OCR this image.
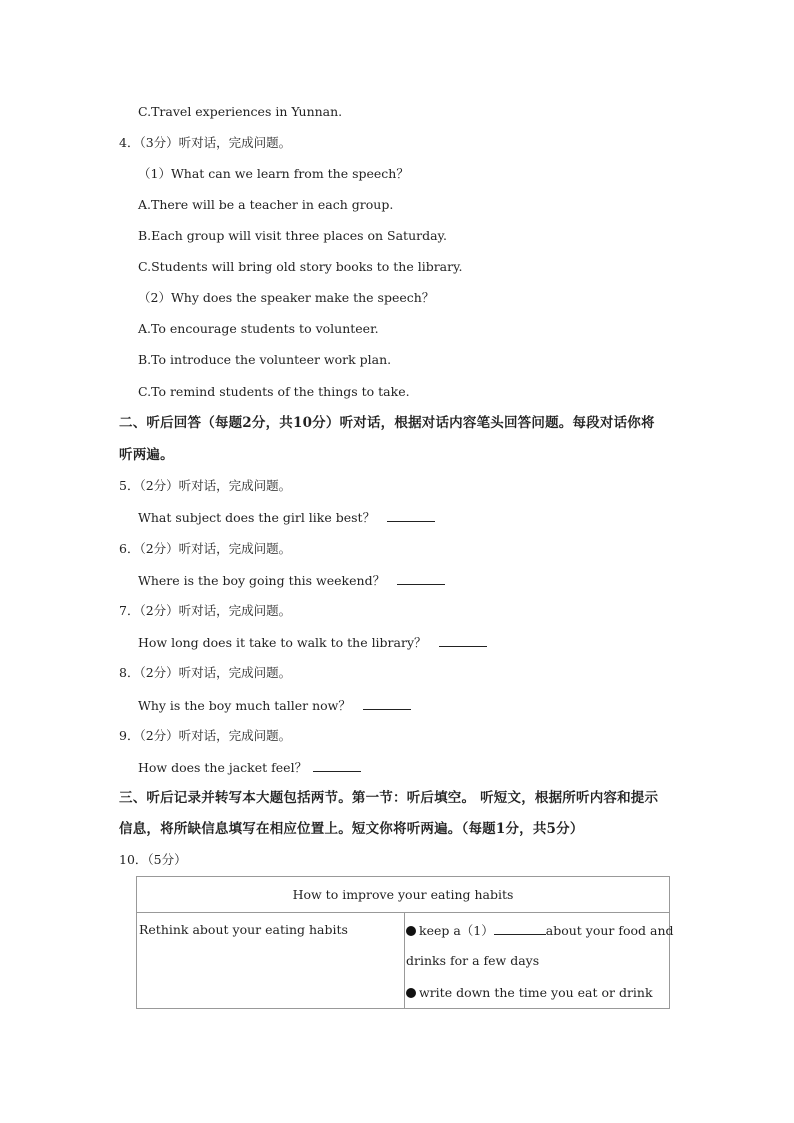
C.Travel experiences in Yunnan.
4．（3分）听对话，完成问题。
（1）What can we learn from the speech？
A.There will be a teacher in each group.
B.Each group will visit three places on Saturday.
C.Students will bring old story books to the library.
（2）Why does the speaker make the speech？
A.To encourage students to volunteer.
B.To introduce the volunteer work plan.
C.To remind students of the things to take.
二、听后回答（每题2分，共10分）听对话，根据对话内容笔头回答问题。每段对话你将
听两遍。
5．（2分）听对话，完成问题。
What subject does the girl like best？
6．（2分）听对话，完成问题。
Where is the boy going this weekend？
7．（2分）听对话，完成问题。
How long does it take to walk to the library？
8．（2分）听对话，完成问题。
Why is the boy much taller now？
9．（2分）听对话，完成问题。
How does the jacket feel？
三、听后记录并转写本大题包括两节。第一节：听后填空。 听短文，根据所听内容和提示
信息，将所缺信息填写在相应位置上。短文你将听两遍。（每题1分，共5分）
10．（5分）
How to improve your eating habits
Rethink about your eating habits	keep a（1）	about your food and
drinks for a few days
write down the time you eat or drink
